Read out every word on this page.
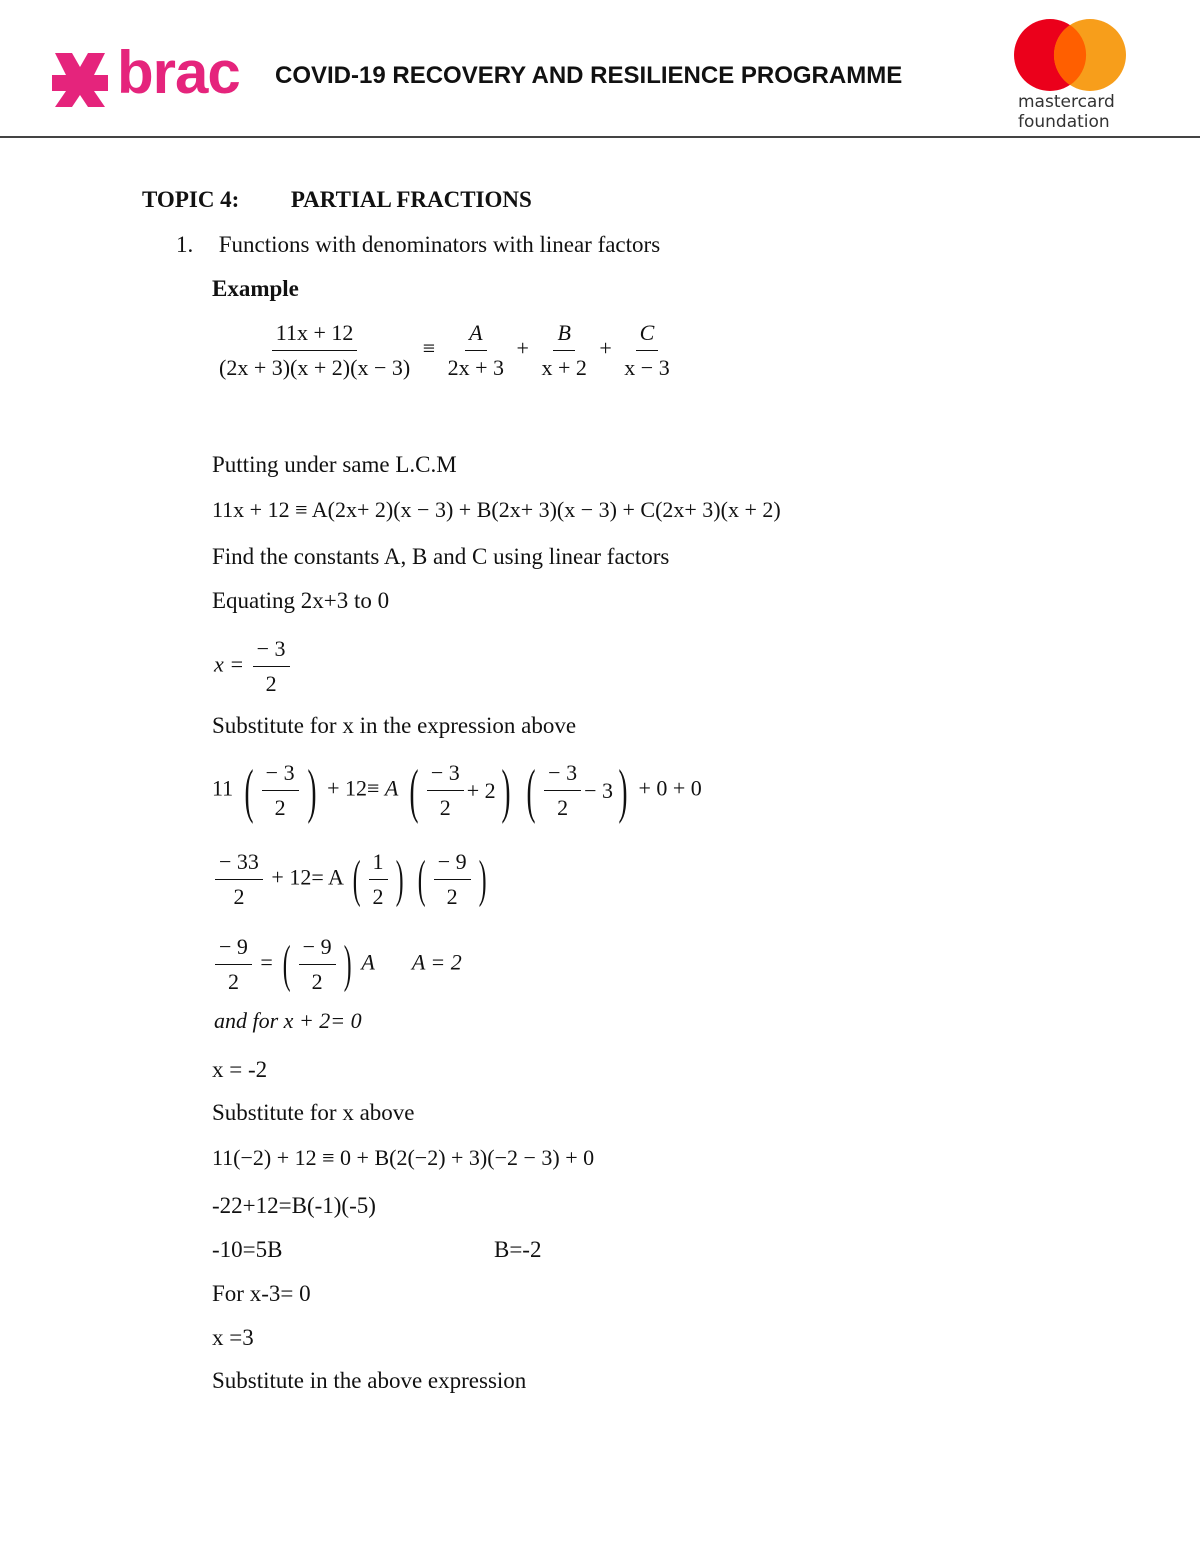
brac COVID-19 RECOVERY AND RESILIENCE PROGRAMME
mastercard
foundation
TOPIC 4: PARTIAL FRACTIONS
1. Functions with denominators with linear factors
Example
$\frac{11x + 12}{(2x + 3)(x + 2)(x - 3)} \equiv \frac{A}{2x + 3} + \frac{B}{x + 2} + \frac{C}{x - 3}$
Putting under same L.C.M
11x + 12 ≡ A(2x+ 2)(x − 3) + B(2x+ 3)(x − 3) + C(2x+ 3)(x + 2)
Find the constants A, B and C using linear factors
Equating 2x+3 to 0
$x = \frac{- 3}{2}$
Substitute for x in the expression above
11 ( $\frac{- 3}{2}$
) + 12≡ A ( $\frac{- 3}{2} + 2$
) ( $\frac{- 3}{2} - 3$
) + 0 + 0
$\frac{- 33}{2} + 12= A$ ( $\frac{1}{2}$
) ( $\frac{- 9}{2}$
)
$\frac{- 9}{2}$ = ( $\frac{- 9}{2}$
) A A = 2
and for x + 2= 0
x = -2
Substitute for x above
11(−2) + 12 ≡ 0 + B(2(−2) + 3)(−2 − 3) + 0
-22+12=B(-1)(-5)
-10=5B	B=-2
For x-3= 0
x =3
Substitute in the above expression
